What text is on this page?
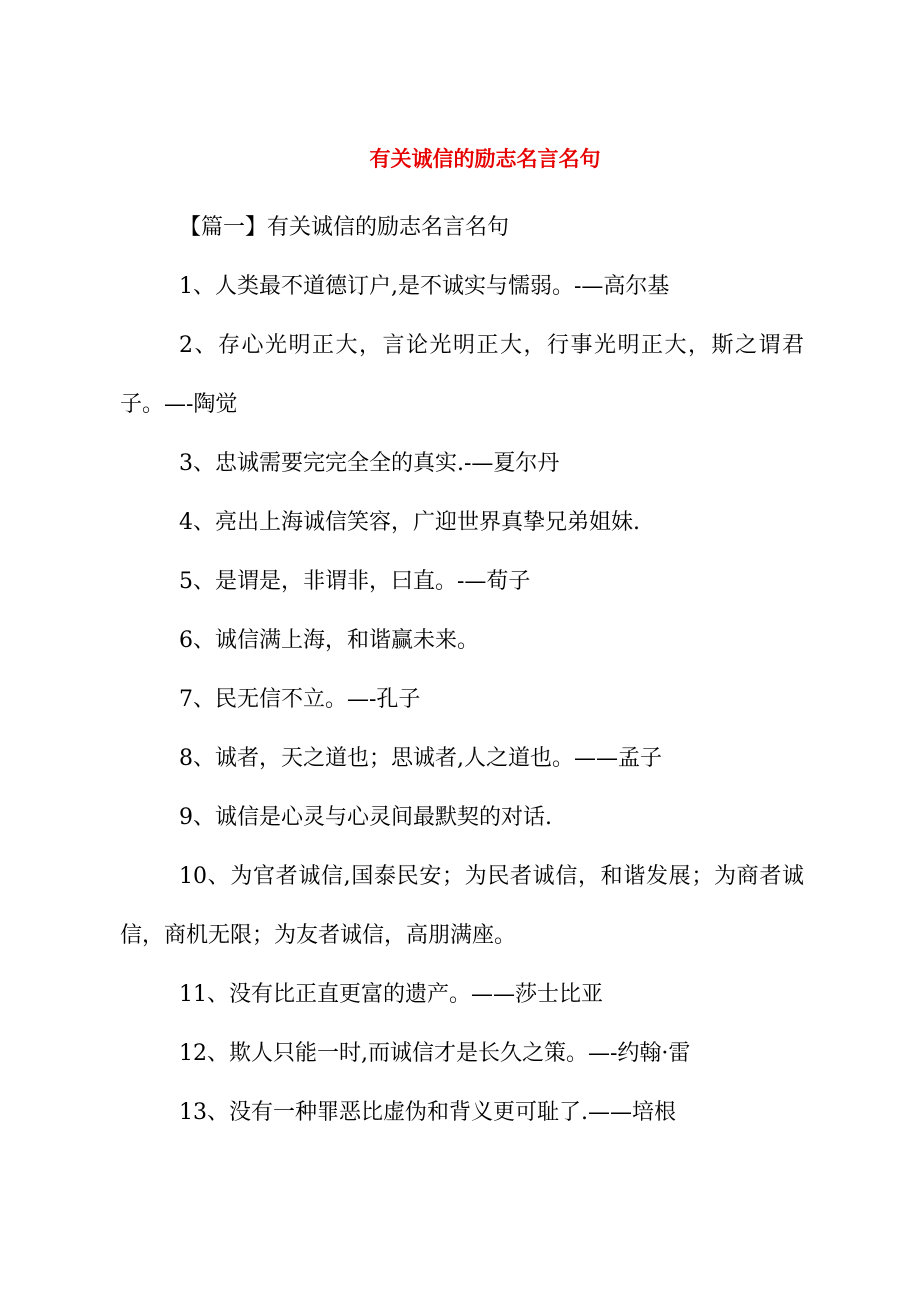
有关诚信的励志名言名句

【篇一】有关诚信的励志名言名句

1、人类最不道德订户,是不诚实与懦弱。-—高尔基

2、存心光明正大，言论光明正大，行事光明正大，斯之谓君子。—-陶觉

3、忠诚需要完完全全的真实.-—夏尔丹

4、亮出上海诚信笑容，广迎世界真挚兄弟姐妹.

5、是谓是，非谓非，曰直。-—荀子

6、诚信满上海，和谐赢未来。

7、民无信不立。—-孔子

8、诚者，天之道也；思诚者,人之道也。——孟子

9、诚信是心灵与心灵间最默契的对话.

10、为官者诚信,国泰民安；为民者诚信，和谐发展；为商者诚信，商机无限；为友者诚信，高朋满座。

11、没有比正直更富的遗产。——莎士比亚

12、欺人只能一时,而诚信才是长久之策。—-约翰·雷

13、没有一种罪恶比虚伪和背义更可耻了.——培根
